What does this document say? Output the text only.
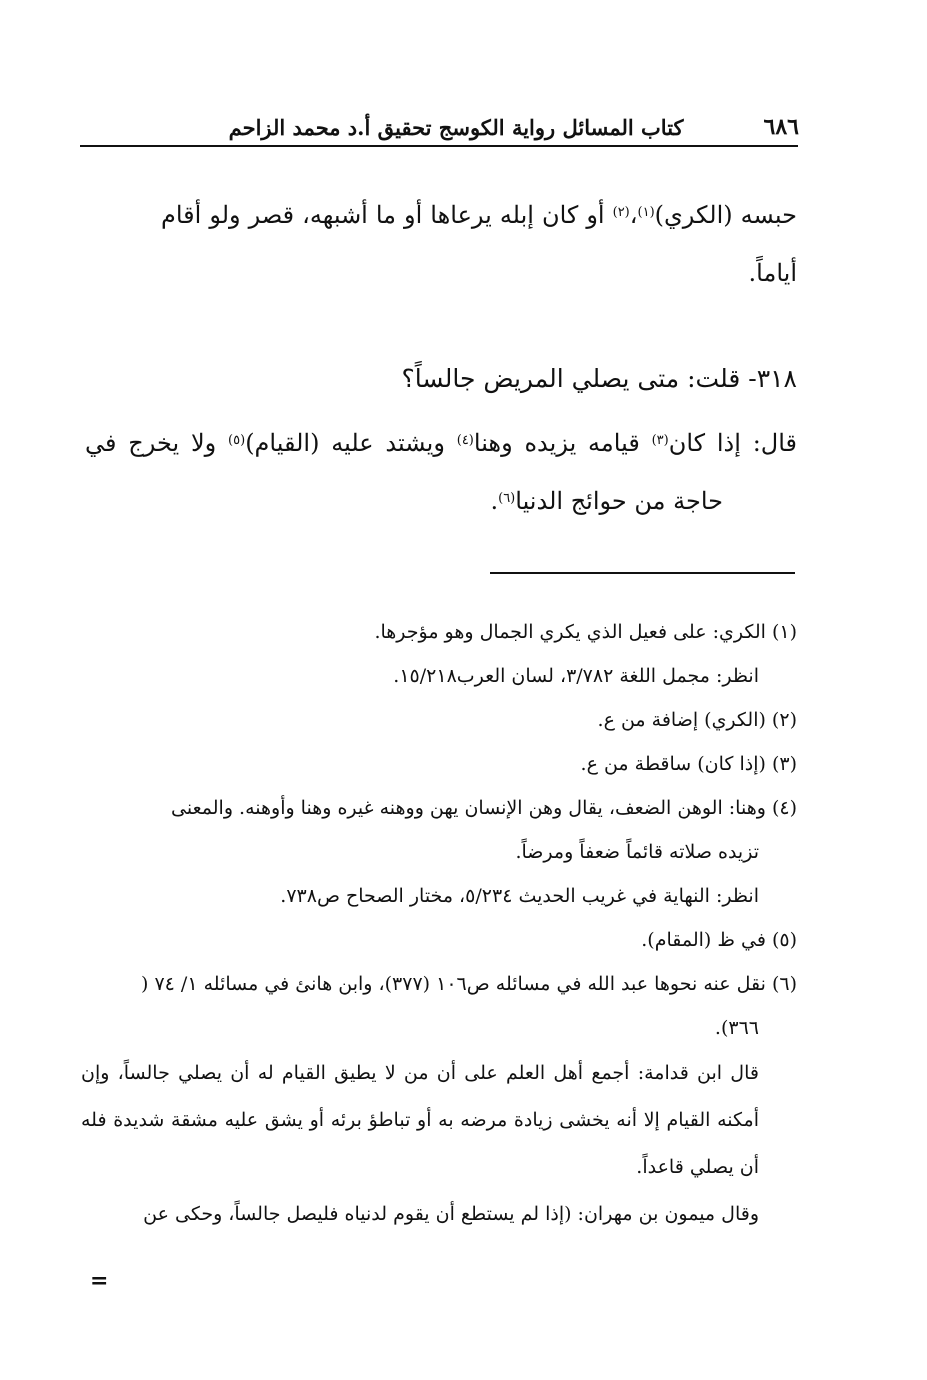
٦٨٦
كتاب المسائل رواية الكوسج تحقيق أ.د محمد الزاحم
حبسه (الكري)$^{(١)}$،$^{(٢)}$ أو كان إبله يرعاها أو ما أشبهه، قصر ولو أقام أياماً.
٣١٨- قلت: متى يصلي المريض جالساً؟
قال: إذا كان$^{(٣)}$ قيامه يزيده وهنا$^{(٤)}$ ويشتد عليه (القيام)$^{(٥)}$ ولا يخرج في حاجة من حوائج الدنيا$^{(٦)}$.
(١) الكري: على فعيل الذي يكري الجمال وهو مؤجرها.
انظر: مجمل اللغة ٣/٧٨٢، لسان العرب١٥/٢١٨.
(٢) (الكري) إضافة من ع.
(٣) (إذا كان) ساقطة من ع.
(٤) وهنا: الوهن الضعف، يقال وهن الإنسان يهن ووهنه غيره وهنا وأوهنه. والمعنى
تزيده صلاته قائماً ضعفاً ومرضاً.
انظر: النهاية في غريب الحديث ٥/٢٣٤، مختار الصحاح ص٧٣٨.
(٥) في ظ (المقام).
(٦) نقل عنه نحوها عبد الله في مسائله ص١٠٦ (٣٧٧)، وابن هانئ في مسائله ١/ ٧٤ (
٣٦٦).
قال ابن قدامة: أجمع أهل العلم على أن من لا يطيق القيام له أن يصلي جالساً، وإن أمكنه القيام إلا أنه يخشى زيادة مرضه به أو تباطؤ برئه أو يشق عليه مشقة شديدة فله أن يصلي قاعداً.
وقال ميمون بن مهران: (إذا لم يستطع أن يقوم لدنياه فليصل جالساً، وحكى عن
=
